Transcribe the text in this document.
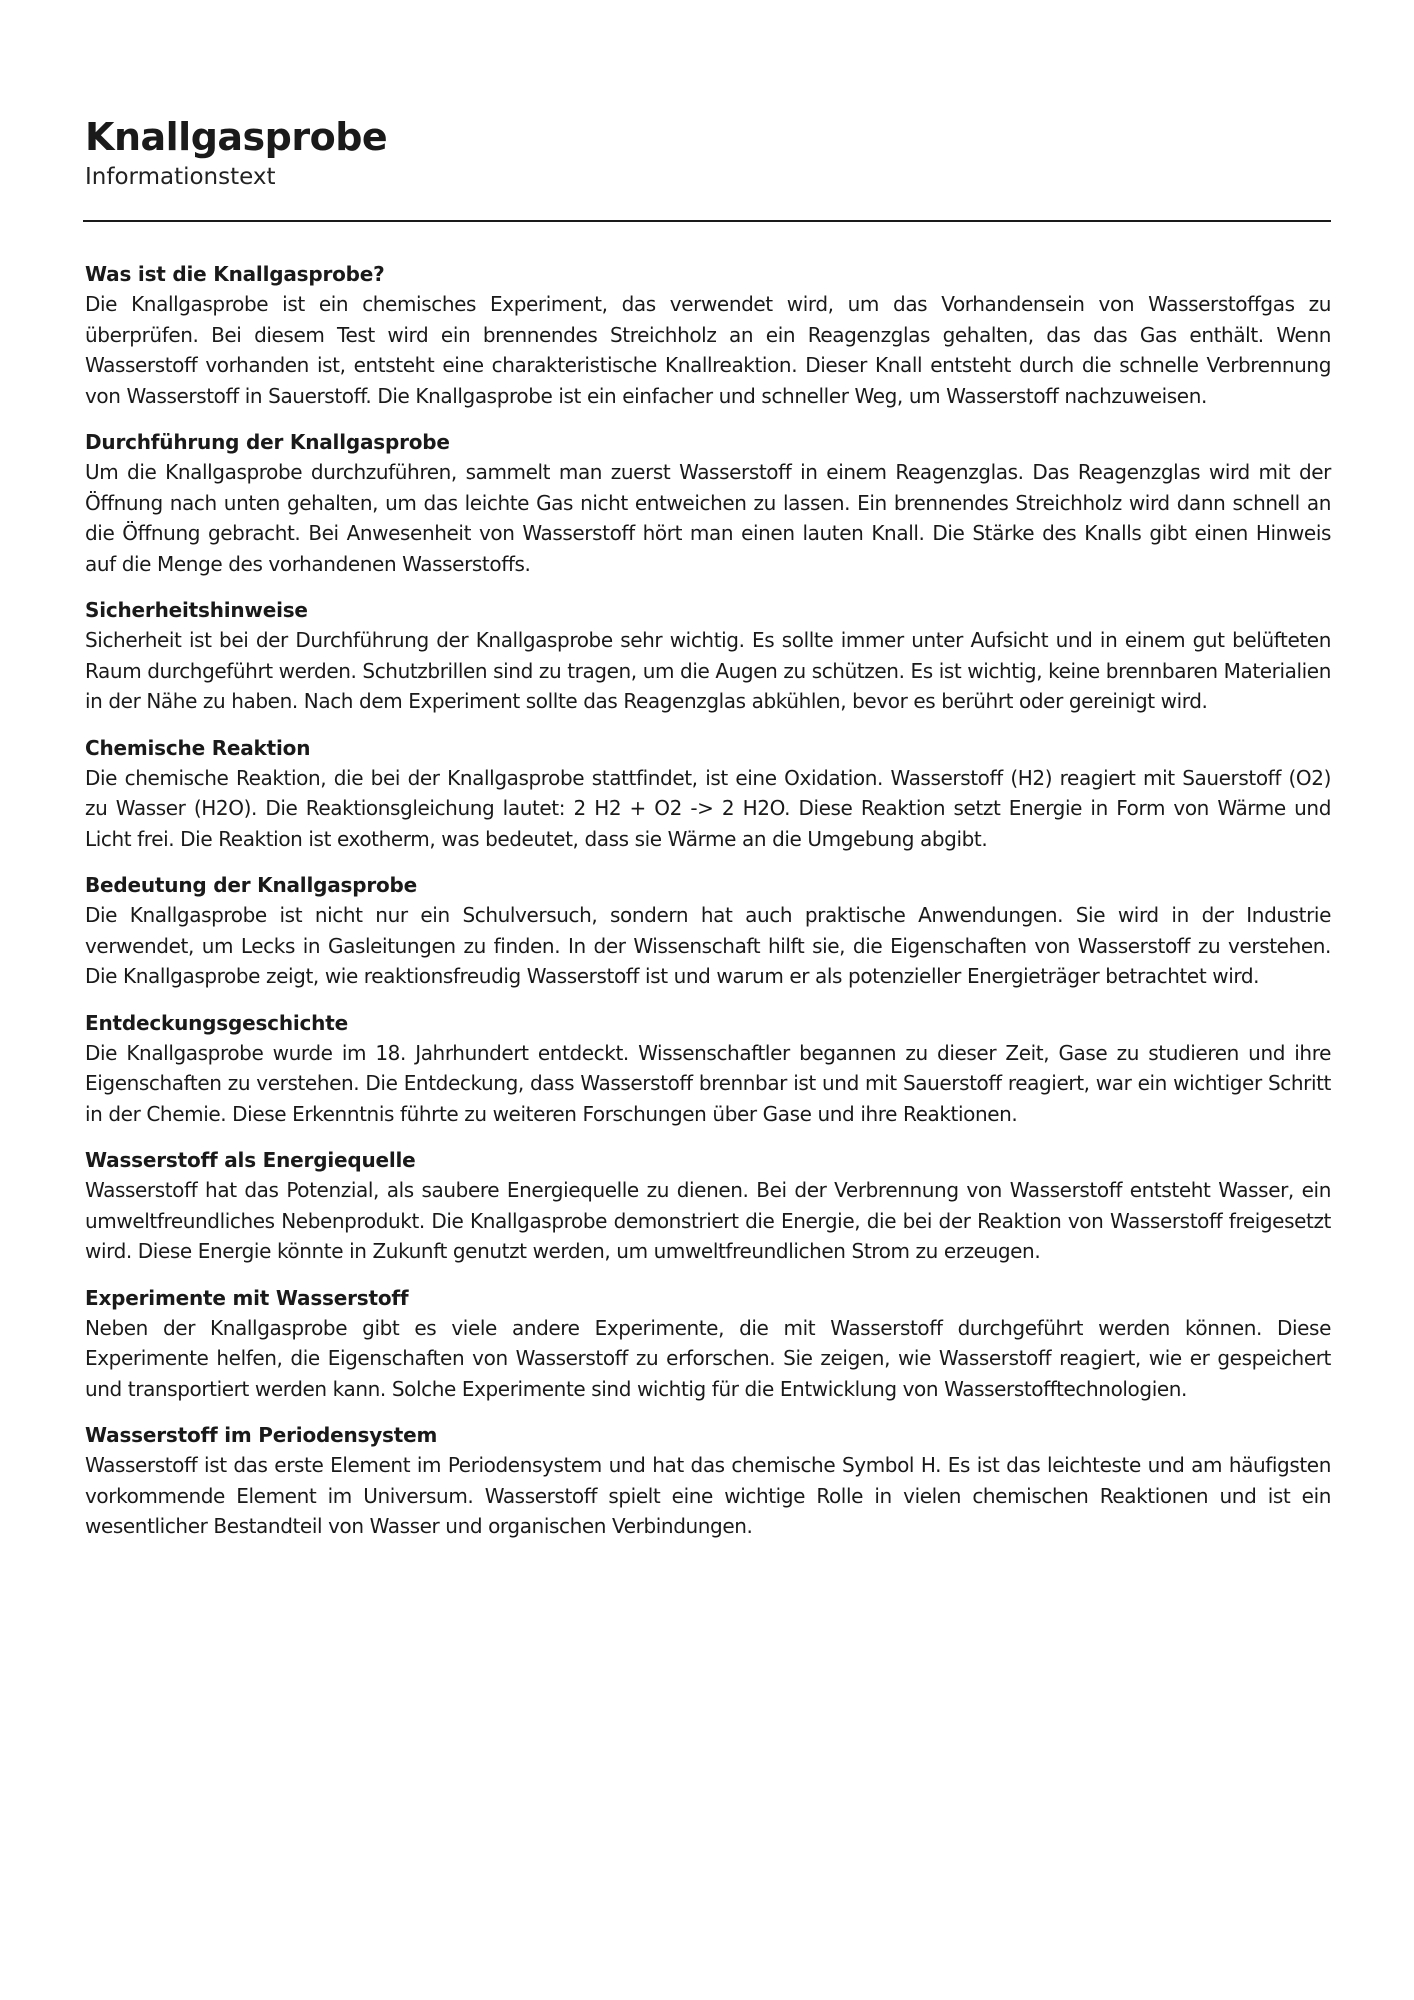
Knallgasprobe

Informationstext

Was ist die Knallgasprobe?

Die Knallgasprobe ist ein chemisches Experiment, das verwendet wird, um das Vorhandensein von Wasserstoffgas zu überprüfen. Bei diesem Test wird ein brennendes Streichholz an ein Reagenzglas gehalten, das das Gas enthält. Wenn Wasserstoff vorhanden ist, entsteht eine charakteristische Knallreaktion. Dieser Knall entsteht durch die schnelle Verbrennung von Wasserstoff in Sauerstoff. Die Knallgasprobe ist ein einfacher und schneller Weg, um Wasserstoff nachzuweisen.

Durchführung der Knallgasprobe

Um die Knallgasprobe durchzuführen, sammelt man zuerst Wasserstoff in einem Reagenzglas. Das Reagenzglas wird mit der Öffnung nach unten gehalten, um das leichte Gas nicht entweichen zu lassen. Ein brennendes Streichholz wird dann schnell an die Öffnung gebracht. Bei Anwesenheit von Wasserstoff hört man einen lauten Knall. Die Stärke des Knalls gibt einen Hinweis auf die Menge des vorhandenen Wasserstoffs.

Sicherheitshinweise

Sicherheit ist bei der Durchführung der Knallgasprobe sehr wichtig. Es sollte immer unter Aufsicht und in einem gut belüfteten Raum durchgeführt werden. Schutzbrillen sind zu tragen, um die Augen zu schützen. Es ist wichtig, keine brennbaren Materialien in der Nähe zu haben. Nach dem Experiment sollte das Reagenzglas abkühlen, bevor es berührt oder gereinigt wird.

Chemische Reaktion

Die chemische Reaktion, die bei der Knallgasprobe stattfindet, ist eine Oxidation. Wasserstoff (H2) reagiert mit Sauerstoff (O2) zu Wasser (H2O). Die Reaktionsgleichung lautet: 2 H2 + O2 -> 2 H2O. Diese Reaktion setzt Energie in Form von Wärme und Licht frei. Die Reaktion ist exotherm, was bedeutet, dass sie Wärme an die Umgebung abgibt.

Bedeutung der Knallgasprobe

Die Knallgasprobe ist nicht nur ein Schulversuch, sondern hat auch praktische Anwendungen. Sie wird in der Industrie verwendet, um Lecks in Gasleitungen zu finden. In der Wissenschaft hilft sie, die Eigenschaften von Wasserstoff zu verstehen. Die Knallgasprobe zeigt, wie reaktionsfreudig Wasserstoff ist und warum er als potenzieller Energieträger betrachtet wird.

Entdeckungsgeschichte

Die Knallgasprobe wurde im 18. Jahrhundert entdeckt. Wissenschaftler begannen zu dieser Zeit, Gase zu studieren und ihre Eigenschaften zu verstehen. Die Entdeckung, dass Wasserstoff brennbar ist und mit Sauerstoff reagiert, war ein wichtiger Schritt in der Chemie. Diese Erkenntnis führte zu weiteren Forschungen über Gase und ihre Reaktionen.

Wasserstoff als Energiequelle

Wasserstoff hat das Potenzial, als saubere Energiequelle zu dienen. Bei der Verbrennung von Wasserstoff entsteht Wasser, ein umweltfreundliches Nebenprodukt. Die Knallgasprobe demonstriert die Energie, die bei der Reaktion von Wasserstoff freigesetzt wird. Diese Energie könnte in Zukunft genutzt werden, um umweltfreundlichen Strom zu erzeugen.

Experimente mit Wasserstoff

Neben der Knallgasprobe gibt es viele andere Experimente, die mit Wasserstoff durchgeführt werden können. Diese Experimente helfen, die Eigenschaften von Wasserstoff zu erforschen. Sie zeigen, wie Wasserstoff reagiert, wie er gespeichert und transportiert werden kann. Solche Experimente sind wichtig für die Entwicklung von Wasserstofftechnologien.

Wasserstoff im Periodensystem

Wasserstoff ist das erste Element im Periodensystem und hat das chemische Symbol H. Es ist das leichteste und am häufigsten vorkommende Element im Universum. Wasserstoff spielt eine wichtige Rolle in vielen chemischen Reaktionen und ist ein wesentlicher Bestandteil von Wasser und organischen Verbindungen.
